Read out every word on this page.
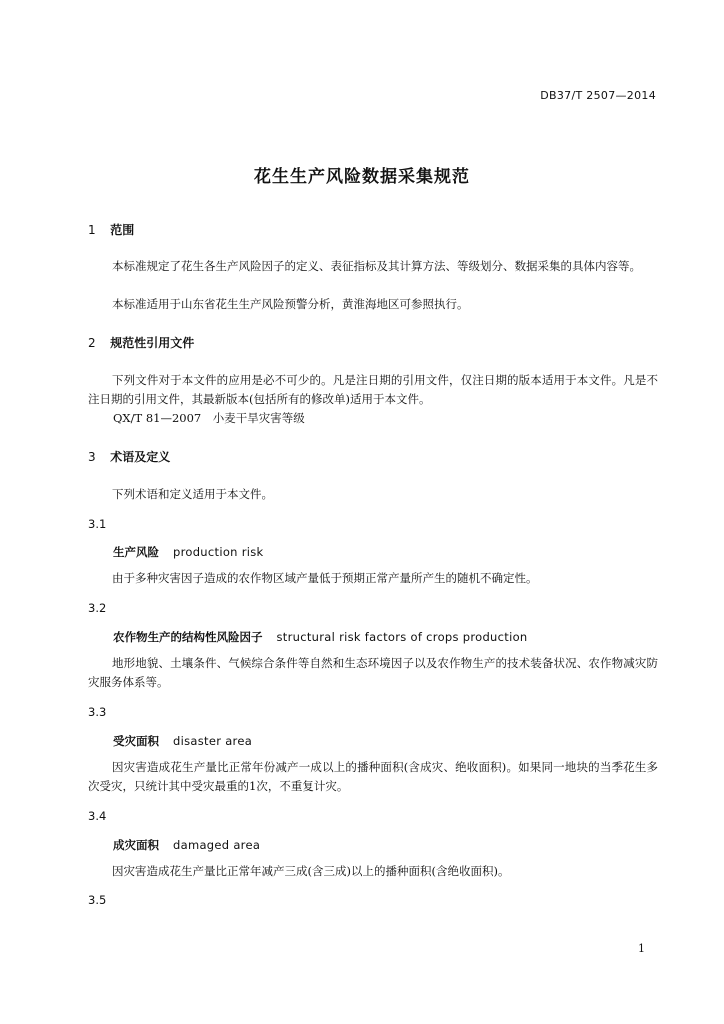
DB37/T 2507—2014
花生生产风险数据采集规范
1 范围
本标准规定了花生各生产风险因子的定义、表征指标及其计算方法、等级划分、数据采集的具体内容等。
本标准适用于山东省花生生产风险预警分析，黄淮海地区可参照执行。
2 规范性引用文件
下列文件对于本文件的应用是必不可少的。凡是注日期的引用文件，仅注日期的版本适用于本文件。凡是不注日期的引用文件，其最新版本(包括所有的修改单)适用于本文件。
QX/T 81—2007　小麦干旱灾害等级
3 术语及定义
下列术语和定义适用于本文件。
3.1
生产风险 production risk
由于多种灾害因子造成的农作物区域产量低于预期正常产量所产生的随机不确定性。
3.2
农作物生产的结构性风险因子 structural risk factors of crops production
地形地貌、土壤条件、气候综合条件等自然和生态环境因子以及农作物生产的技术装备状况、农作物减灾防灾服务体系等。
3.3
受灾面积 disaster area
因灾害造成花生产量比正常年份减产一成以上的播种面积(含成灾、绝收面积)。如果同一地块的当季花生多次受灾，只统计其中受灾最重的1次，不重复计灾。
3.4
成灾面积 damaged area
因灾害造成花生产量比正常年减产三成(含三成)以上的播种面积(含绝收面积)。
3.5
1
